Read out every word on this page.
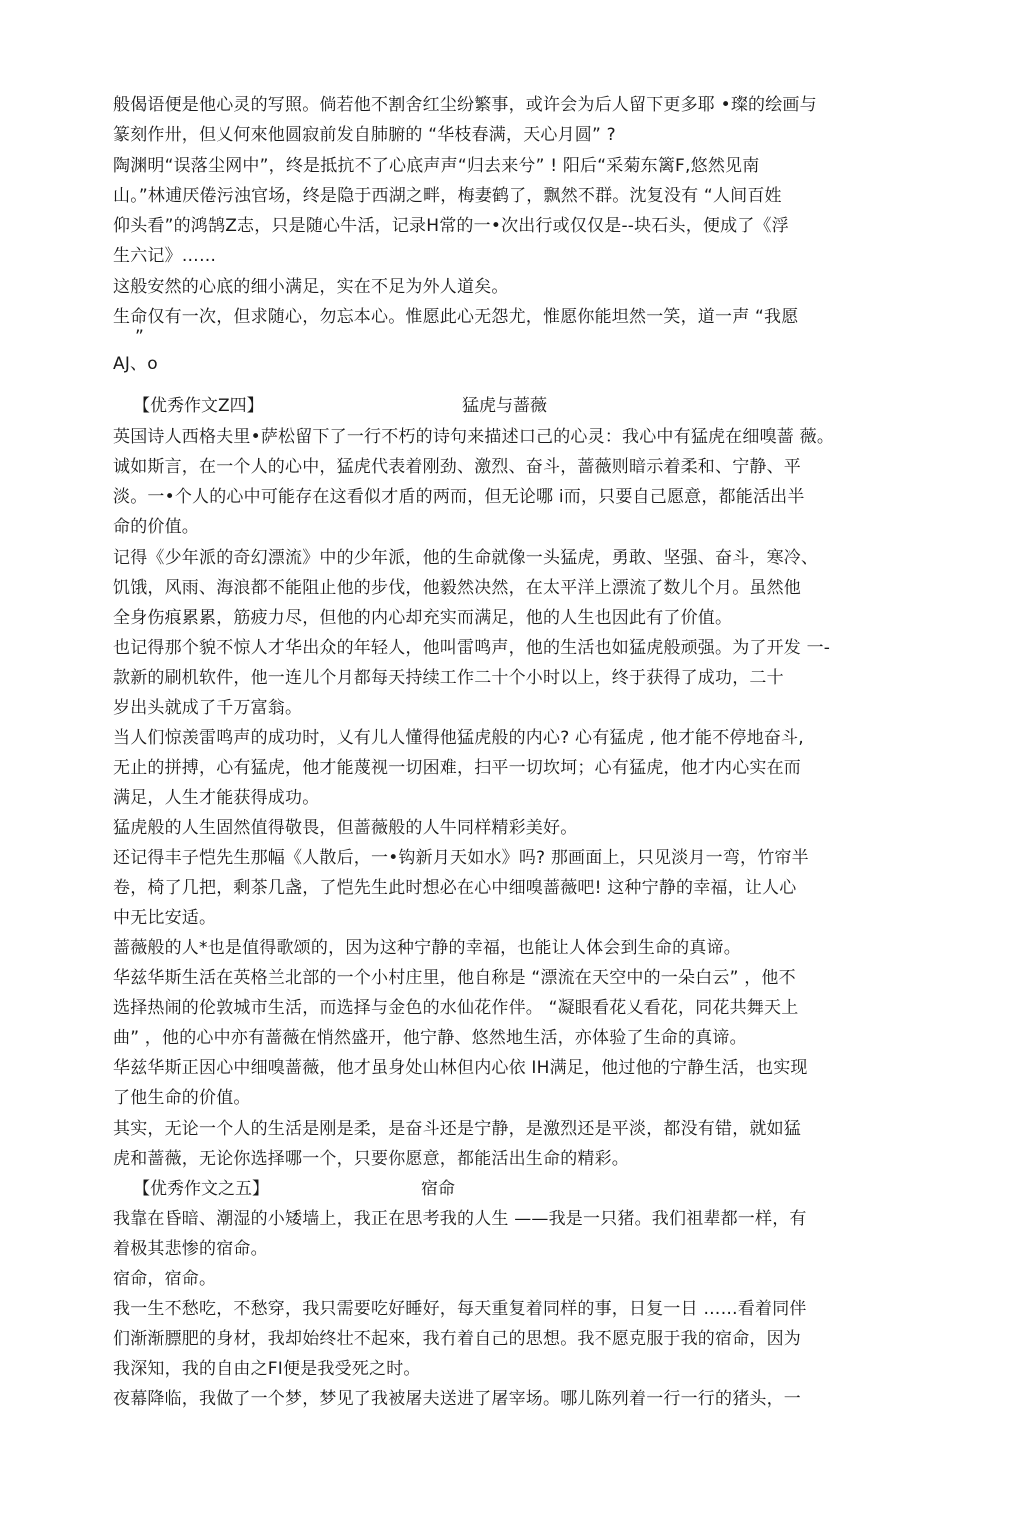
般偈语便是他心灵的写照。倘若他不割舍红尘纷繁事，或许会为后人留下更多耶 •璨的绘画与
篆刻作卅，但乂何來他圆寂前发自肺腑的 “华枝春满，天心月圆” ?
陶渊明“误落尘网中”，终是抵抗不了心底声声“归去来兮” ! 阳后“采菊东篱F,悠然见南
山。”林逋厌倦污浊官场，终是隐于西湖之畔，梅妻鹤了，飘然不群。沈复没有 “人间百姓
仰头看”的鸿鹄Z志，只是随心牛活，记录H常的一•次出行或仅仅是--块石头，便成了《浮
生六记》……
这般安然的心底的细小满足，实在不足为外人道矣。
生命仅有一次，但求随心，勿忘本心。惟愿此心无怨尤，惟愿你能坦然一笑，道一声 “我愿
”
AJ、o
【优秀作文Z四】	猛虎与蔷薇
英国诗人西格夫里•萨松留下了一行不朽的诗句来描述口己的心灵：我心中有猛虎在细嗅蔷 薇。
诚如斯言，在一个人的心中，猛虎代表着刚劲、激烈、奋斗，蔷薇则暗示着柔和、宁静、平
淡。一•个人的心中可能存在这看似才盾的两而，但无论哪 i而，只要自己愿意，都能活出半
命的价值。
记得《少年派的奇幻漂流》中的少年派，他的生命就像一头猛虎，勇敢、坚强、奋斗，寒冷、
饥饿，风雨、海浪都不能阻止他的步伐，他毅然决然，在太平洋上漂流了数儿个月。虽然他
全身伤痕累累，筋疲力尽，但他的内心却充实而满足，他的人生也因此有了价值。
也记得那个貌不惊人才华出众的年轻人，他叫雷鸣声，他的生活也如猛虎般顽强。为了开发 一-
款新的刷机软件，他一连儿个月都每天持续工作二十个小时以上，终于获得了成功，二十
岁出头就成了千万富翁。
当人们惊羡雷鸣声的成功时，乂有儿人懂得他猛虎般的内心? 心有猛虎 , 他才能不停地奋斗,
无止的拼搏，心有猛虎，他才能蔑视一切困难，扫平一切坎坷；心有猛虎，他才内心实在而
满足，人生才能获得成功。
猛虎般的人生固然值得敬畏，但蔷薇般的人牛同样精彩美好。
还记得丰子恺先生那幅《人散后，一•钩新月天如水》吗? 那画面上，只见淡月一弯，竹帘半
卷，椅了几把，剩茶几盏，了恺先生此时想必在心中细嗅蔷薇吧! 这种宁静的幸福，让人心
中无比安适。
蔷薇般的人*也是值得歌颂的，因为这种宁静的幸福，也能让人体会到生命的真谛。
华兹华斯生活在英格兰北部的一个小村庄里，他自称是 “漂流在天空中的一朵白云” ，他不
选择热闹的伦敦城市生活，而选择与金色的水仙花作伴。 “凝眼看花乂看花，同花共舞天上
曲” ，他的心中亦有蔷薇在悄然盛开，他宁静、悠然地生活，亦体验了生命的真谛。
华兹华斯正因心中细嗅蔷薇，他才虽身处山林但内心依 IH满足，他过他的宁静生活，也实现
了他生命的价值。
其实，无论一个人的生活是刚是柔，是奋斗还是宁静，是激烈还是平淡，都没有错，就如猛
虎和蔷薇，无论你选择哪一个，只要你愿意，都能活出生命的精彩。
【优秀作文之五】	宿命
我靠在昏暗、潮湿的小矮墙上，我正在思考我的人生 ——我是一只猪。我们祖辈都一样，有
着极其悲惨的宿命。
宿命，宿命。
我一生不愁吃，不愁穿，我只需要吃好睡好，每天重复着同样的事，日复一日 ……看着同伴
们渐渐膘肥的身材，我却始终壮不起來，我冇着自己的思想。我不愿克服于我的宿命，因为
我深知，我的自由之FI便是我受死之时。
夜幕降临，我做了一个梦，梦见了我被屠夫送进了屠宰场。哪儿陈列着一行一行的猪头，一
